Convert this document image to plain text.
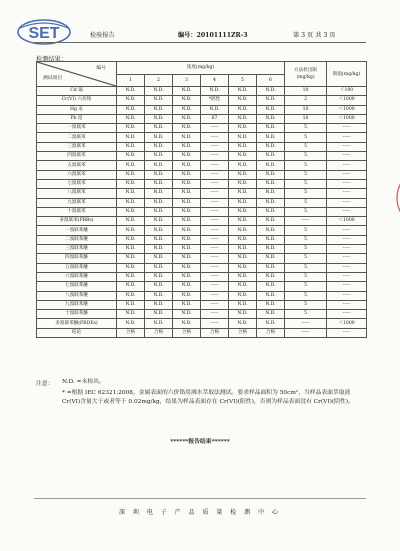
SET	检验报告	编号：20101111ZR-3	第 3 页 共 3 页
检测结果：
编号
测试项目	浓度(mg/kg)						方法检出限(mg/kg)	限值(mg/kg)
	1	2	3	4	5	6		
Cd 镉	N.D.	N.D.	N.D.	N.D.	N.D.	N.D.	10	＜100
Cr(VI) 六价铬	N.D.	N.D.	N.D.	*阴性	N.D.	N.D.	2	＜1000
Hg 汞	N.D.	N.D.	N.D.	N.D.	N.D.	N.D.	10	＜1000
Pb 铅	N.D.	N.D.	N.D.	67	N.D.	N.D.	10	＜1000
一溴联苯	N.D.	N.D.	N.D.	-----	N.D.	N.D.	5	-----
二溴联苯	N.D.	N.D.	N.D.	-----	N.D.	N.D.	5	-----
三溴联苯	N.D.	N.D.	N.D.	-----	N.D.	N.D.	5	-----
四溴联苯	N.D.	N.D.	N.D.	-----	N.D.	N.D.	5	-----
五溴联苯	N.D.	N.D.	N.D.	-----	N.D.	N.D.	5	-----
六溴联苯	N.D.	N.D.	N.D.	-----	N.D.	N.D.	5	-----
七溴联苯	N.D.	N.D.	N.D.	-----	N.D.	N.D.	5	-----
八溴联苯	N.D.	N.D.	N.D.	-----	N.D.	N.D.	5	-----
九溴联苯	N.D.	N.D.	N.D.	-----	N.D.	N.D.	5	-----
十溴联苯	N.D.	N.D.	N.D.	-----	N.D.	N.D.	5	-----
多溴联苯(PBBs)	N.D.	N.D.	N.D.	-----	N.D.	N.D.	-----	＜1000
一溴联苯醚	N.D.	N.D.	N.D.	-----	N.D.	N.D.	5	-----
二溴联苯醚	N.D.	N.D.	N.D.	-----	N.D.	N.D.	5	-----
三溴联苯醚	N.D.	N.D.	N.D.	-----	N.D.	N.D.	5	-----
四溴联苯醚	N.D.	N.D.	N.D.	-----	N.D.	N.D.	5	-----
五溴联苯醚	N.D.	N.D.	N.D.	-----	N.D.	N.D.	5	-----
六溴联苯醚	N.D.	N.D.	N.D.	-----	N.D.	N.D.	5	-----
七溴联苯醚	N.D.	N.D.	N.D.	-----	N.D.	N.D.	5	-----
八溴联苯醚	N.D.	N.D.	N.D.	-----	N.D.	N.D.	5	-----
九溴联苯醚	N.D.	N.D.	N.D.	-----	N.D.	N.D.	5	-----
十溴联苯醚	N.D.	N.D.	N.D.	-----	N.D.	N.D.	5	-----
多溴联苯醚(PBDEs)	N.D.	N.D.	N.D.	-----	N.D.	N.D.	-----	＜1000
结论	合格	合格	合格	合格	合格	合格	-----	-----
注意：	N.D. =未检出。
* =根据 IEC 62321:2008，金属表面的六价铬用沸水萃取法测试。要求样品面积为 50cm²，当样品表面萃取液 Cr(VI)含量大于或者等于 0.02mg/kg，结果为样品表面存在 Cr(VI)(阳性)，否则为样品表面没有 Cr(VI)(阴性)。
******报告结束******
深 圳 电 子 产 品 质 量 检 测 中 心
